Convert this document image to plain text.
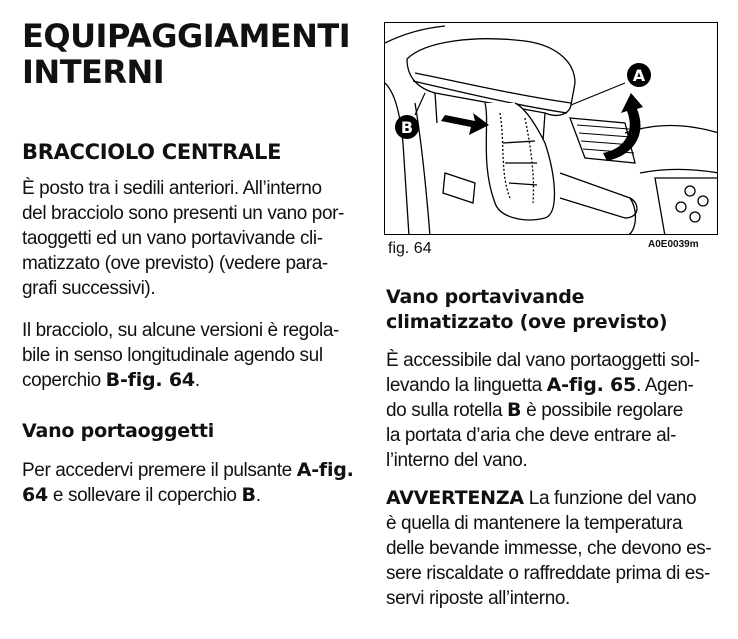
EQUIPAGGIAMENTI
INTERNI
BRACCIOLO CENTRALE
È posto tra i sedili anteriori. All’interno
del bracciolo sono presenti un vano por-
taoggetti ed un vano portavivande cli-
matizzato (ove previsto) (vedere para-
grafi successivi).
Il bracciolo, su alcune versioni è regola-
bile in senso longitudinale agendo sul
coperchio B-fig. 64.
Vano portaoggetti
Per accedervi premere il pulsante A-fig.
64 e sollevare il coperchio B.
A
B
fig. 64	A0E0039m
Vano portavivande
climatizzato (ove previsto)
È accessibile dal vano portaoggetti sol-
levando la linguetta A-fig. 65. Agen-
do sulla rotella B è possibile regolare
la portata d’aria che deve entrare al-
l’interno del vano.
AVVERTENZA La funzione del vano
è quella di mantenere la temperatura
delle bevande immesse, che devono es-
sere riscaldate o raffreddate prima di es-
servi riposte all’interno.
